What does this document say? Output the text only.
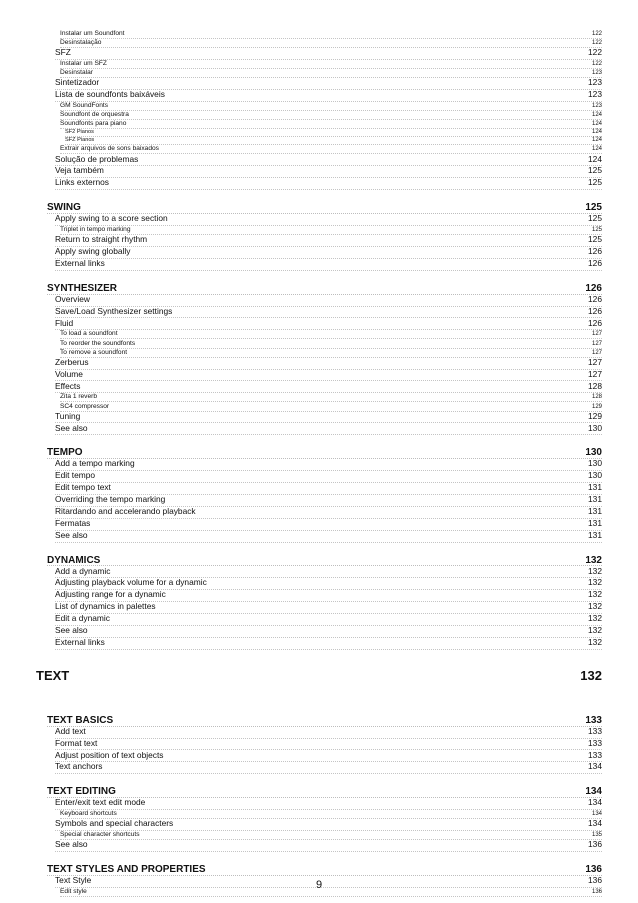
Instalar um Soundfont	122
Desinstalação	122
SFZ	122
Instalar um SFZ	122
Desinstalar	123
Sintetizador	123
Lista de soundfonts baixáveis	123
GM SoundFonts	123
Soundfont de orquestra	124
Soundfonts para piano	124
SF2 Pianos	124
SFZ Pianos	124
Extrair arquivos de sons baixados	124
Solução de problemas	124
Veja também	125
Links externos	125
SWING	125
Apply swing to a score section	125
Triplet in tempo marking	125
Return to straight rhythm	125
Apply swing globally	126
External links	126
SYNTHESIZER	126
Overview	126
Save/Load Synthesizer settings	126
Fluid	126
To load a soundfont	127
To reorder the soundfonts	127
To remove a soundfont	127
Zerberus	127
Volume	127
Effects	128
Zita 1 reverb	128
SC4 compressor	129
Tuning	129
See also	130
TEMPO	130
Add a tempo marking	130
Edit tempo	130
Edit tempo text	131
Overriding the tempo marking	131
Ritardando and accelerando playback	131
Fermatas	131
See also	131
DYNAMICS	132
Add a dynamic	132
Adjusting playback volume for a dynamic	132
Adjusting range for a dynamic	132
List of dynamics in palettes	132
Edit a dynamic	132
See also	132
External links	132
TEXT	132
TEXT BASICS	133
Add text	133
Format text	133
Adjust position of text objects	133
Text anchors	134
TEXT EDITING	134
Enter/exit text edit mode	134
Keyboard shortcuts	134
Symbols and special characters	134
Special character shortcuts	135
See also	136
TEXT STYLES AND PROPERTIES	136
Text Style	136
Edit style	136
9
